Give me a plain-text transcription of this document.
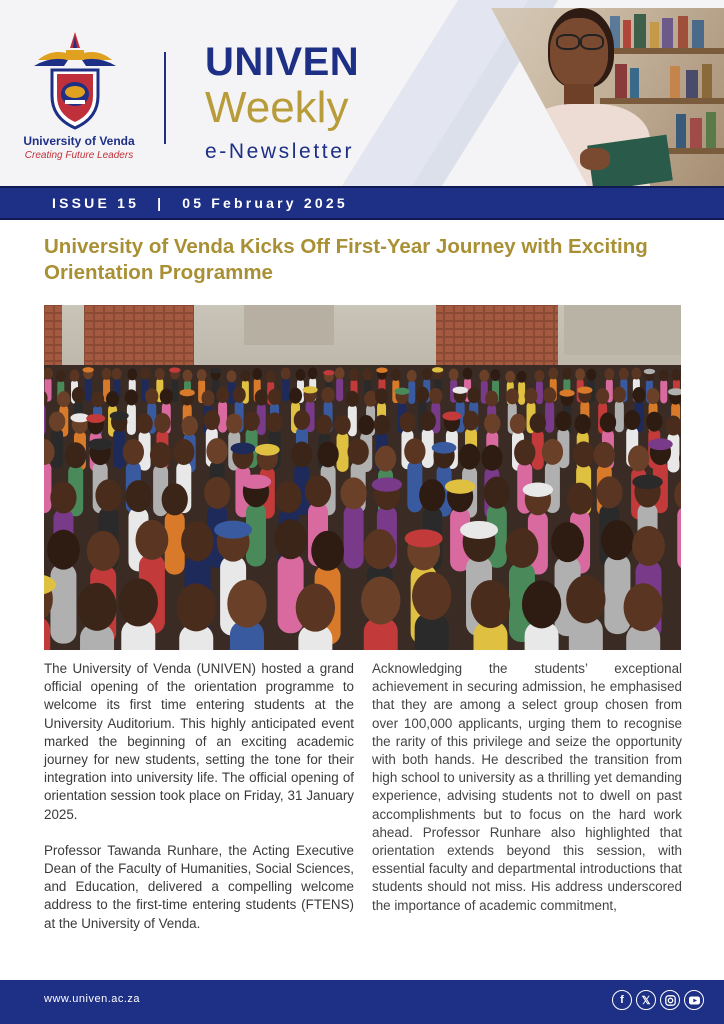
University of Venda
Creating Future Leaders
UNIVEN
Weekly
e-Newsletter
ISSUE 15 | 05 February 2025
University of Venda Kicks Off First-Year Journey with Exciting Orientation Programme

The University of Venda (UNIVEN) hosted a grand official opening of the orientation programme to welcome its first time entering students at the University Auditorium. This highly anticipated event marked the beginning of an exciting academic journey for new students, setting the tone for their integration into university life. The official opening of orientation session took place on Friday, 31 January 2025.

Professor Tawanda Runhare, the Acting Executive Dean of the Faculty of Humanities, Social Sciences, and Education, delivered a compelling welcome address to the first-time entering students (FTENS) at the University of Venda.

Acknowledging the students’ exceptional achievement in securing admission, he emphasised that they are among a select group chosen from over 100,000 applicants, urging them to recognise the rarity of this privilege and seize the opportunity with both hands. He described the transition from high school to university as a thrilling yet demanding experience, advising students not to dwell on past accomplishments but to focus on the hard work ahead. Professor Runhare also highlighted that orientation extends beyond this session, with essential faculty and departmental introductions that students should not miss. His address underscored the importance of academic commitment,

www.univen.ac.za	f	𝕏
